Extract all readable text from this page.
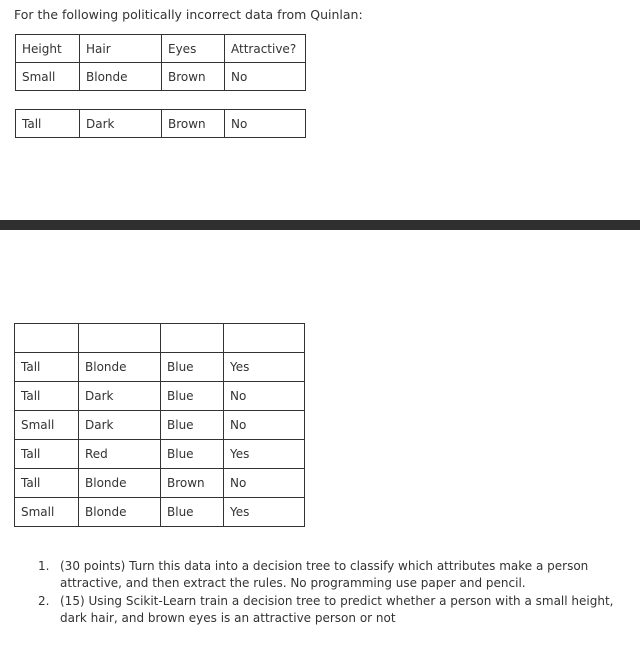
For the following politically incorrect data from Quinlan:
Height	Hair	Eyes	Attractive?
Small	Blonde	Brown	No

Tall	Dark	Brown	No

Tall	Blonde	Blue	Yes
Tall	Dark	Blue	No
Small	Dark	Blue	No
Tall	Red	Blue	Yes
Tall	Blonde	Brown	No
Small	Blonde	Blue	Yes
1. (30 points) Turn this data into a decision tree to classify which attributes make a person attractive, and then extract the rules. No programming use paper and pencil.
2. (15) Using Scikit-Learn train a decision tree to predict whether a person with a small height, dark hair, and brown eyes is an attractive person or not
